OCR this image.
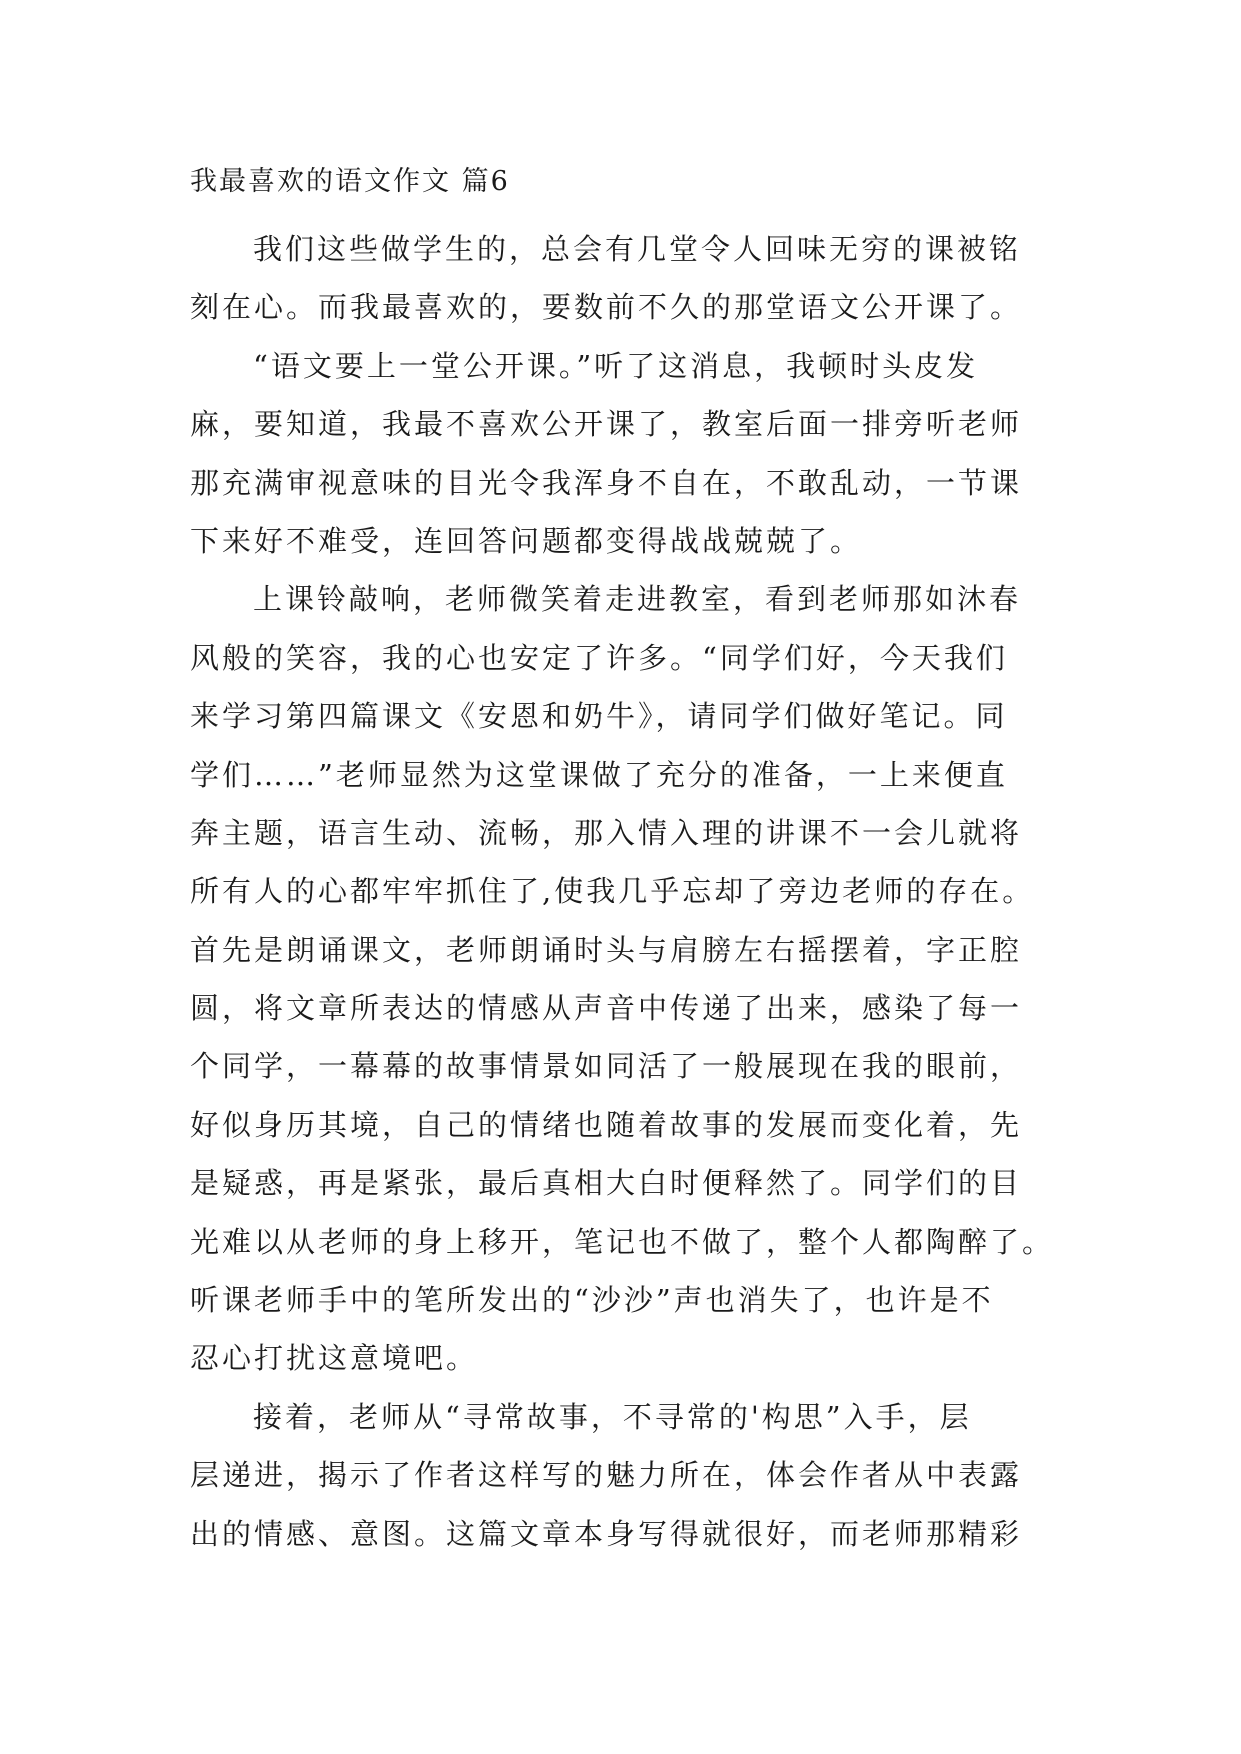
我最喜欢的语文作文 篇6
我们这些做学生的，总会有几堂令人回味无穷的课被铭
刻在心。而我最喜欢的，要数前不久的那堂语文公开课了。
“语文要上一堂公开课。”听了这消息，我顿时头皮发
麻，要知道，我最不喜欢公开课了，教室后面一排旁听老师
那充满审视意味的目光令我浑身不自在，不敢乱动，一节课
下来好不难受，连回答问题都变得战战兢兢了。
上课铃敲响，老师微笑着走进教室，看到老师那如沐春
风般的笑容，我的心也安定了许多。“同学们好，今天我们
来学习第四篇课文《安恩和奶牛》，请同学们做好笔记。同
学们……”老师显然为这堂课做了充分的准备，一上来便直
奔主题，语言生动、流畅，那入情入理的讲课不一会儿就将
所有人的心都牢牢抓住了,使我几乎忘却了旁边老师的存在。
首先是朗诵课文，老师朗诵时头与肩膀左右摇摆着，字正腔
圆，将文章所表达的情感从声音中传递了出来，感染了每一
个同学，一幕幕的故事情景如同活了一般展现在我的眼前，
好似身历其境，自己的情绪也随着故事的发展而变化着，先
是疑惑，再是紧张，最后真相大白时便释然了。同学们的目
光难以从老师的身上移开，笔记也不做了，整个人都陶醉了。
听课老师手中的笔所发出的“沙沙”声也消失了，也许是不
忍心打扰这意境吧。
接着，老师从“寻常故事，不寻常的'构思”入手，层
层递进，揭示了作者这样写的魅力所在，体会作者从中表露
出的情感、意图。这篇文章本身写得就很好，而老师那精彩
